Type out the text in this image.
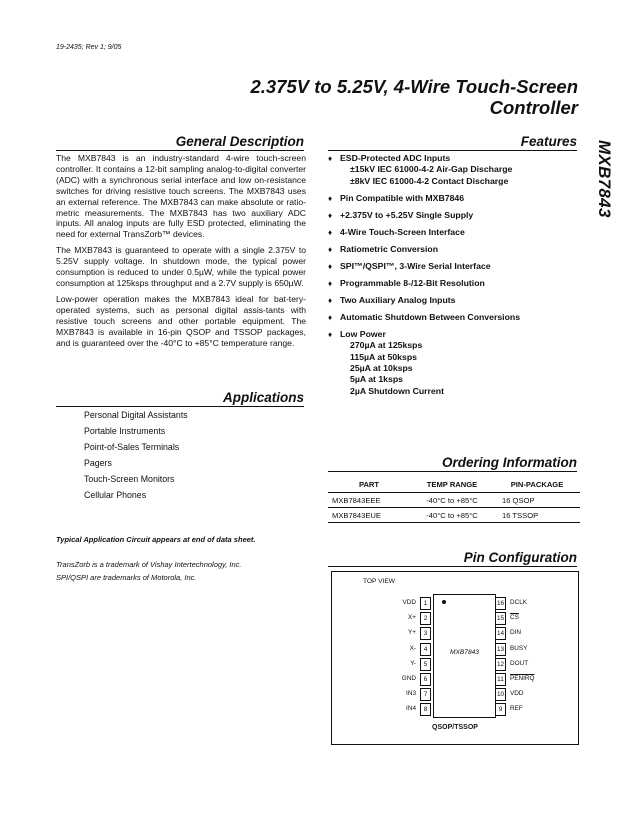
19-2435; Rev 1; 9/05
2.375V to 5.25V, 4-Wire Touch-Screen
Controller
MXB7843
General Description

The MXB7843 is an industry-standard 4-wire touch-screen controller. It contains a 12-bit sampling analog-to-digital converter (ADC) with a synchronous serial interface and low on-resistance switches for driving resistive touch screens. The MXB7843 uses an external reference. The MXB7843 can make absolute or ratio-metric measurements. The MXB7843 has two auxiliary ADC inputs. All analog inputs are fully ESD protected, eliminating the need for external TransZorb™ devices.

The MXB7843 is guaranteed to operate with a single 2.375V to 5.25V supply voltage. In shutdown mode, the typical power consumption is reduced to under 0.5µW, while the typical power consumption at 125ksps throughput and a 2.7V supply is 650µW.

Low-power operation makes the MXB7843 ideal for bat-tery-operated systems, such as personal digital assis-tants with resistive touch screens and other portable equipment. The MXB7843 is available in 16-pin QSOP and TSSOP packages, and is guaranteed over the -40°C to +85°C temperature range.

Applications
Personal Digital Assistants
Portable Instruments
Point-of-Sales Terminals
Pagers
Touch-Screen Monitors
Cellular Phones
Typical Application Circuit appears at end of data sheet.
TransZorb is a trademark of Vishay Intertechnology, Inc.
SPI/QSPI are trademarks of Motorola, Inc.
Features
♦ ESD-Protected ADC Inputs
±15kV IEC 61000-4-2 Air-Gap Discharge
±8kV IEC 61000-4-2 Contact Discharge
♦ Pin Compatible with MXB7846
♦ +2.375V to +5.25V Single Supply
♦ 4-Wire Touch-Screen Interface
♦ Ratiometric Conversion
♦ SPI™/QSPI™, 3-Wire Serial Interface
♦ Programmable 8-/12-Bit Resolution
♦ Two Auxiliary Analog Inputs
♦ Automatic Shutdown Between Conversions
♦ Low Power
270µA at 125ksps
115µA at 50ksps
25µA at 10ksps
5µA at 1ksps
2µA Shutdown Current
Ordering Information
PART	TEMP RANGE	PIN-PACKAGE
MXB7843EEE	-40°C to +85°C	16 QSOP
MXB7843EUE	-40°C to +85°C	16 TSSOP
Pin Configuration
TOP VIEW
MXB7843
VDD	1
X+	2
Y+	3
X-	4
Y-	5
GND	6
IN3	7
IN4	8
16 DCLK
15 $\overline{CS}$
14 DIN
13 BUSY
12 DOUT
11 PENIRQ
10 VDD
9	REF
QSOP/TSSOP
